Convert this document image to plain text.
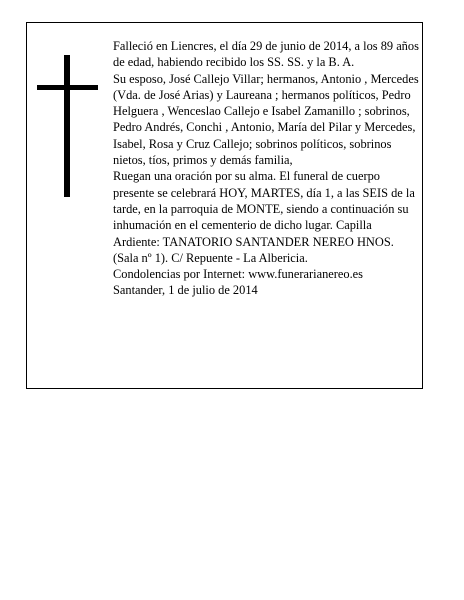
Falleció en Liencres, el día 29 de junio de 2014, a los 89 años de edad, habiendo recibido los SS. SS. y la B. A.

Su esposo, José Callejo Villar; hermanos, Antonio , Mercedes (Vda. de José Arias) y Laureana ; hermanos políticos, Pedro Helguera , Wenceslao Callejo e Isabel Zamanillo ; sobrinos, Pedro Andrés, Conchi , Antonio, María del Pilar y Mercedes, Isabel, Rosa y Cruz Callejo; sobrinos políticos, sobrinos nietos, tíos, primos y demás familia,

Ruegan una oración por su alma. El funeral de cuerpo presente se celebrará HOY, MARTES, día 1, a las SEIS de la tarde, en la parroquia de MONTE, siendo a continuación su inhumación en el cementerio de dicho lugar. Capilla Ardiente: TANATORIO SANTANDER NEREO HNOS. (Sala nº 1). C/ Repuente - La Albericia.

Condolencias por Internet: www.funerarianereo.es

Santander, 1 de julio de 2014
